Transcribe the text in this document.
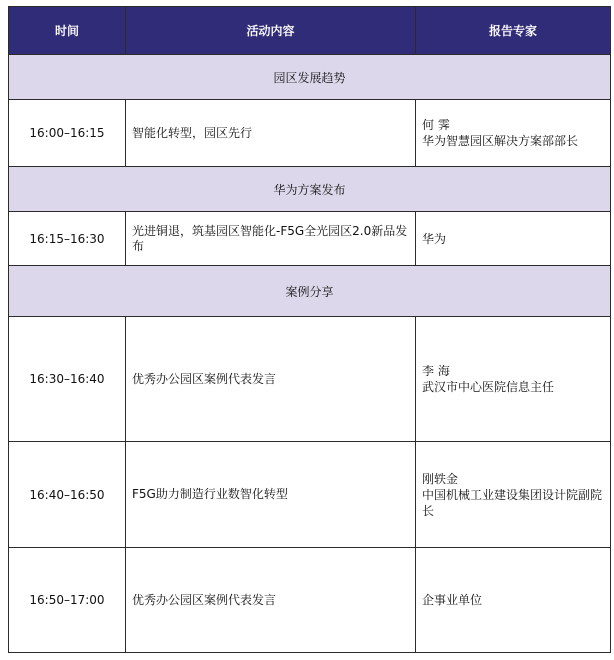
时间	活动内容	报告专家
园区发展趋势		
16:00–16:15	智能化转型，园区先行	何 霁
华为智慧园区解决方案部部长

华为方案发布		
16:15–16:30	光进铜退，筑基园区智能化-F5G全光园区2.0新品发布	华为

案例分享		
16:30–16:40	优秀办公园区案例代表发言	李 海
武汉市中心医院信息主任

16:40–16:50	F5G助力制造行业数智化转型	刚轶金
中国机械工业建设集团设计院副院长

16:50–17:00	优秀办公园区案例代表发言	企事业单位
